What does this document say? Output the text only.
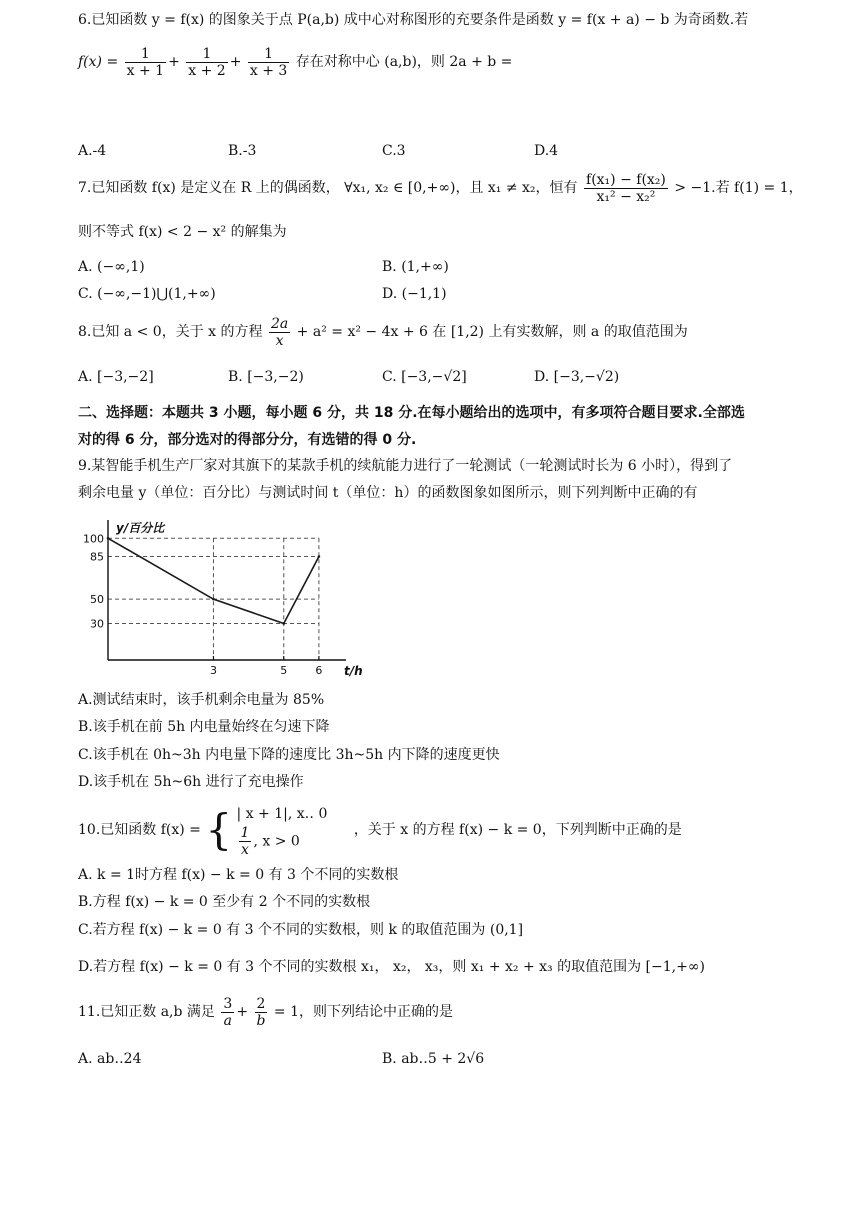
6.已知函数 y = f(x) 的图象关于点 P(a,b) 成中心对称图形的充要条件是函数 y = f(x + a) − b 为奇函数.若
$f(x) = \frac{1}{x + 1} + \frac{1}{x + 2} + \frac{1}{x + 3}$ 存在对称中心 (a,b)，则 2a + b =
A.-4	B.-3	C.3	D.4
7.已知函数 f(x) 是定义在 R 上的偶函数， ∀x₁, x₂ ∈ [0,+∞)，且 x₁ ≠ x₂，恒有 $\frac{\text{f(x₁) − f(x₂)}}{\text{x₁² − x₂²}} > -1$.若 f(1) = 1，
则不等式 f(x) < 2 − x² 的解集为
A. (−∞,1)	B. (1,+∞)
C. (−∞,−1)⋃(1,+∞)	D. (−1,1)
8.已知 a < 0，关于 x 的方程 $\frac{2a}{x} + a^2 = x^2 - 4x + 6$ 在 [1,2) 上有实数解，则 a 的取值范围为
A. [−3,−2]	B. [−3,−2)	C. [−3,−√2]	D. [−3,−√2)
二、选择题：本题共 3 小题，每小题 6 分，共 18 分.在每小题给出的选项中，有多项符合题目要求.全部选
对的得 6 分，部分选对的得部分分，有选错的得 0 分.
9.某智能手机生产厂家对其旗下的某款手机的续航能力进行了一轮测试（一轮测试时长为 6 小时），得到了
剩余电量 y（单位：百分比）与测试时间 t（单位：h）的函数图象如图所示，则下列判断中正确的有
100
85
50
30
3	5	6
y/百分比
t/h
A.测试结束时，该手机剩余电量为 85%
B.该手机在前 5h 内电量始终在匀速下降
C.该手机在 0h~3h 内电量下降的速度比 3h~5h 内下降的速度更快
D.该手机在 5h~6h 进行了充电操作
10.已知函数 f(x) = { | x + 1|, x‥ 0
$\frac{1}{x}$ , x > 0
，关于 x 的方程 f(x) − k = 0，下列判断中正确的是
A. k = 1时方程 f(x) − k = 0 有 3 个不同的实数根
B.方程 f(x) − k = 0 至少有 2 个不同的实数根
C.若方程 f(x) − k = 0 有 3 个不同的实数根，则 k 的取值范围为 (0,1]
D.若方程 f(x) − k = 0 有 3 个不同的实数根 x₁， x₂， x₃，则 x₁ + x₂ + x₃ 的取值范围为 [−1,+∞)
11.已知正数 a,b 满足 $\frac{3}{a} + \frac{2}{b} = 1$，则下列结论中正确的是
A. ab‥24	B. ab‥5 + 2√6
